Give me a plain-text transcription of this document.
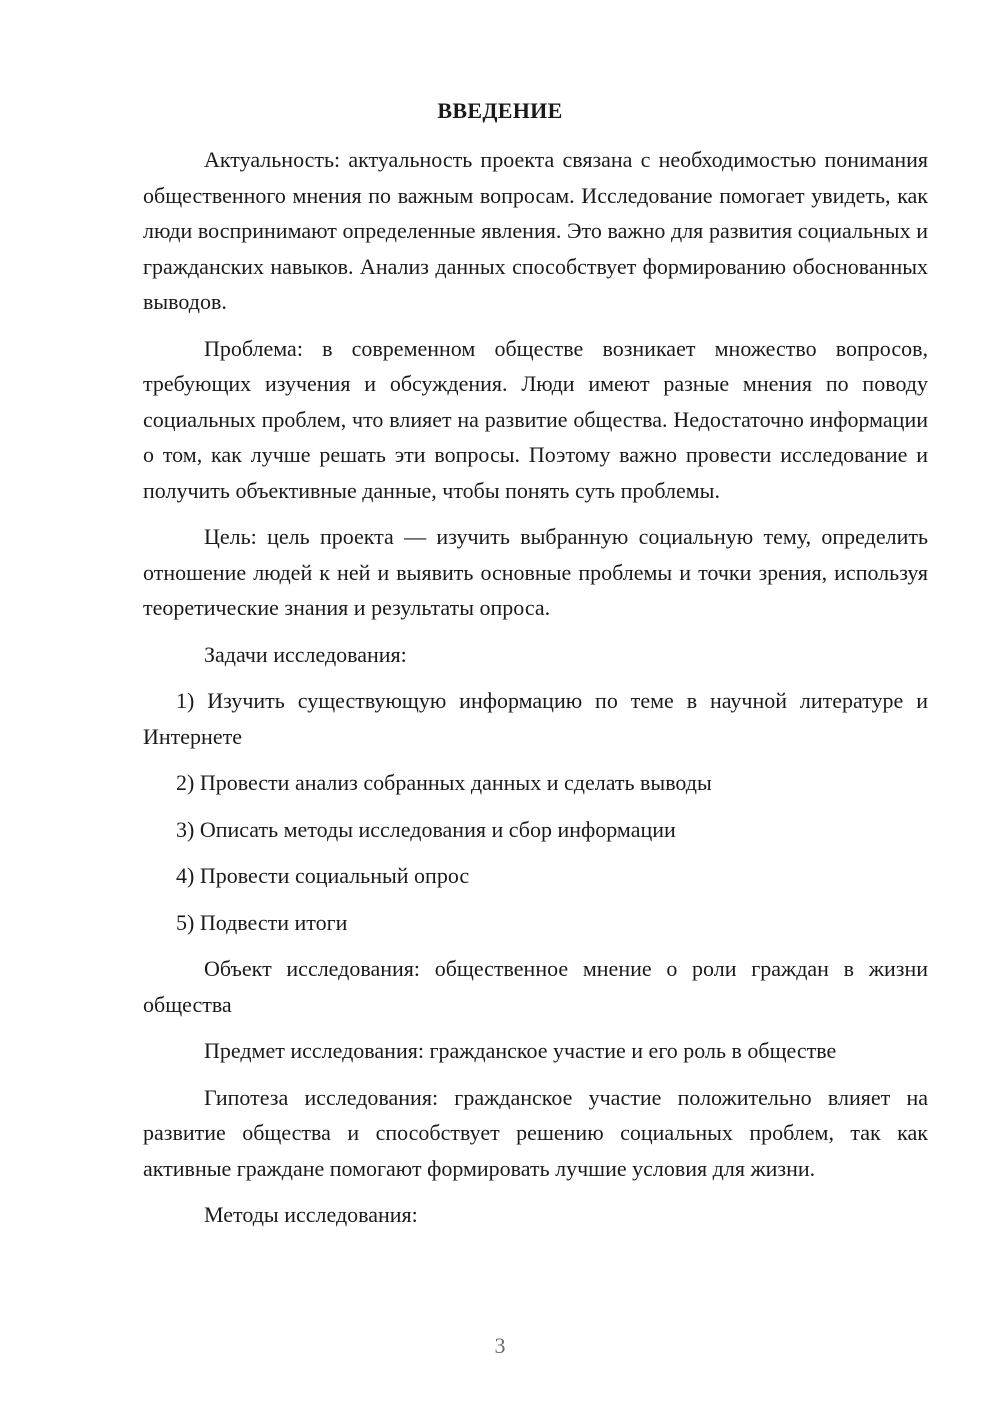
ВВЕДЕНИЕ

Актуальность: актуальность проекта связана с необходимостью понимания общественного мнения по важным вопросам. Исследование помогает увидеть, как люди воспринимают определенные явления. Это важно для развития социальных и гражданских навыков. Анализ данных способствует формированию обоснованных выводов.

Проблема: в современном обществе возникает множество вопросов, требующих изучения и обсуждения. Люди имеют разные мнения по поводу социальных проблем, что влияет на развитие общества. Недостаточно информации о том, как лучше решать эти вопросы. Поэтому важно провести исследование и получить объективные данные, чтобы понять суть проблемы.

Цель: цель проекта — изучить выбранную социальную тему, определить отношение людей к ней и выявить основные проблемы и точки зрения, используя теоретические знания и результаты опроса.

Задачи исследования:

1) Изучить существующую информацию по теме в научной литературе и Интернете

2) Провести анализ собранных данных и сделать выводы

3) Описать методы исследования и сбор информации

4) Провести социальный опрос

5) Подвести итоги

Объект исследования: общественное мнение о роли граждан в жизни общества

Предмет исследования: гражданское участие и его роль в обществе

Гипотеза исследования: гражданское участие положительно влияет на развитие общества и способствует решению социальных проблем, так как активные граждане помогают формировать лучшие условия для жизни.

Методы исследования:

3
